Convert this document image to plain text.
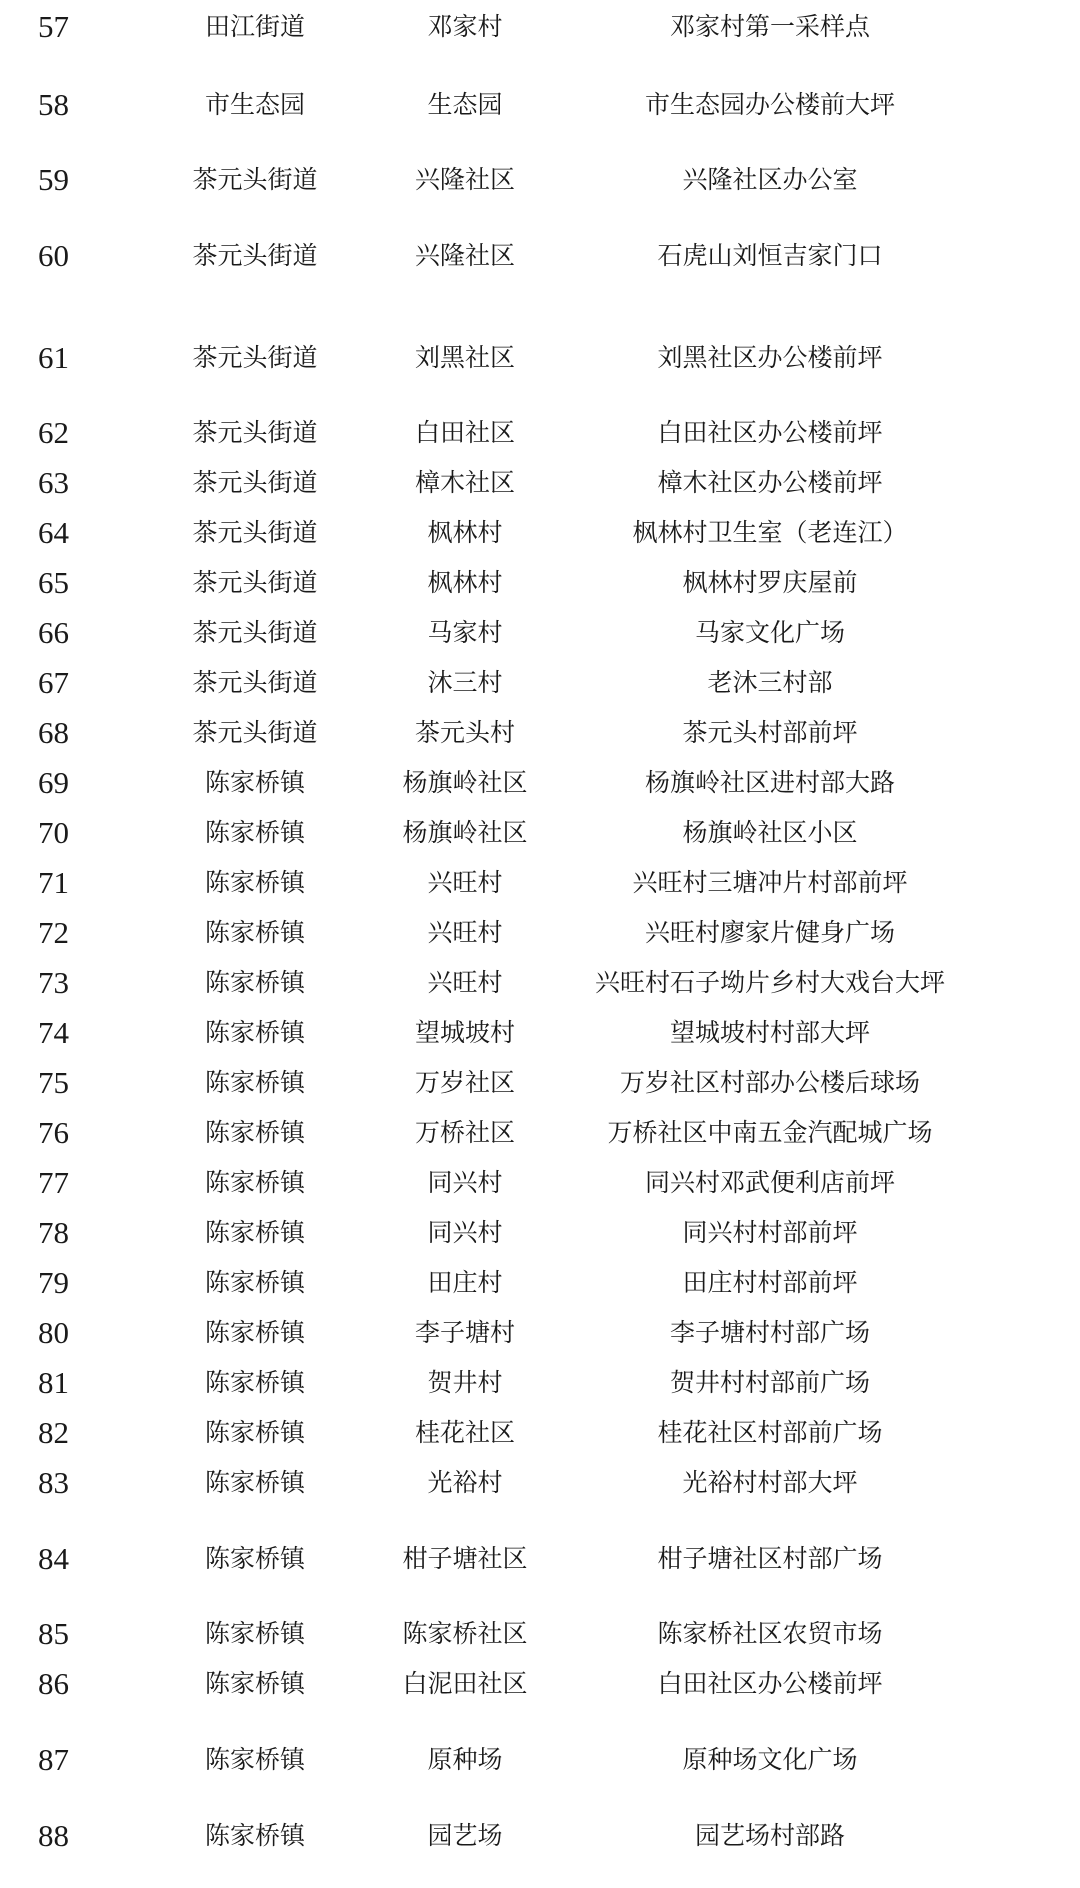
57	田江街道	邓家村	邓家村第一采样点
58	市生态园	生态园	市生态园办公楼前大坪
59	茶元头街道	兴隆社区	兴隆社区办公室
60	茶元头街道	兴隆社区	石虎山刘恒吉家门口
61	茶元头街道	刘黑社区	刘黑社区办公楼前坪
62	茶元头街道	白田社区	白田社区办公楼前坪
63	茶元头街道	樟木社区	樟木社区办公楼前坪
64	茶元头街道	枫林村	枫林村卫生室（老连江）
65	茶元头街道	枫林村	枫林村罗庆屋前
66	茶元头街道	马家村	马家文化广场
67	茶元头街道	沐三村	老沐三村部
68	茶元头街道	茶元头村	茶元头村部前坪
69	陈家桥镇	杨旗岭社区	杨旗岭社区进村部大路
70	陈家桥镇	杨旗岭社区	杨旗岭社区小区
71	陈家桥镇	兴旺村	兴旺村三塘冲片村部前坪
72	陈家桥镇	兴旺村	兴旺村廖家片健身广场
73	陈家桥镇	兴旺村	兴旺村石子坳片乡村大戏台大坪
74	陈家桥镇	望城坡村	望城坡村村部大坪
75	陈家桥镇	万岁社区	万岁社区村部办公楼后球场
76	陈家桥镇	万桥社区	万桥社区中南五金汽配城广场
77	陈家桥镇	同兴村	同兴村邓武便利店前坪
78	陈家桥镇	同兴村	同兴村村部前坪
79	陈家桥镇	田庄村	田庄村村部前坪
80	陈家桥镇	李子塘村	李子塘村村部广场
81	陈家桥镇	贺井村	贺井村村部前广场
82	陈家桥镇	桂花社区	桂花社区村部前广场
83	陈家桥镇	光裕村	光裕村村部大坪
84	陈家桥镇	柑子塘社区	柑子塘社区村部广场
85	陈家桥镇	陈家桥社区	陈家桥社区农贸市场
86	陈家桥镇	白泥田社区	白田社区办公楼前坪
87	陈家桥镇	原种场	原种场文化广场
88	陈家桥镇	园艺场	园艺场村部路
